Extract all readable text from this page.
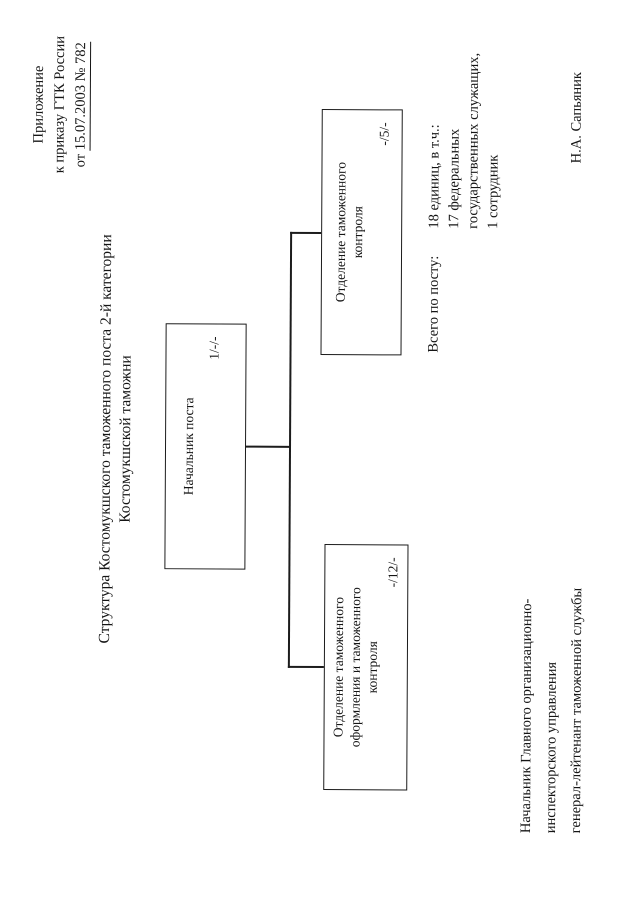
Приложение к приказу ГТК России от 15.07.2003 № 782
Структура Костомукшского таможенного поста 2-й категории Костомукшской таможни	Начальник поста
1/-/-
Отделение таможенного оформления и таможенного контроля
-/12/-
Отделение таможенного контроля
-/5/-
Всего по посту:
18 единиц, в т.ч.: 17 федеральных государственных служащих, 1 сотрудник
Начальник Главного организационно- инспекторского управления генерал-лейтенант таможенной службы
Н.А. Сапьяник
